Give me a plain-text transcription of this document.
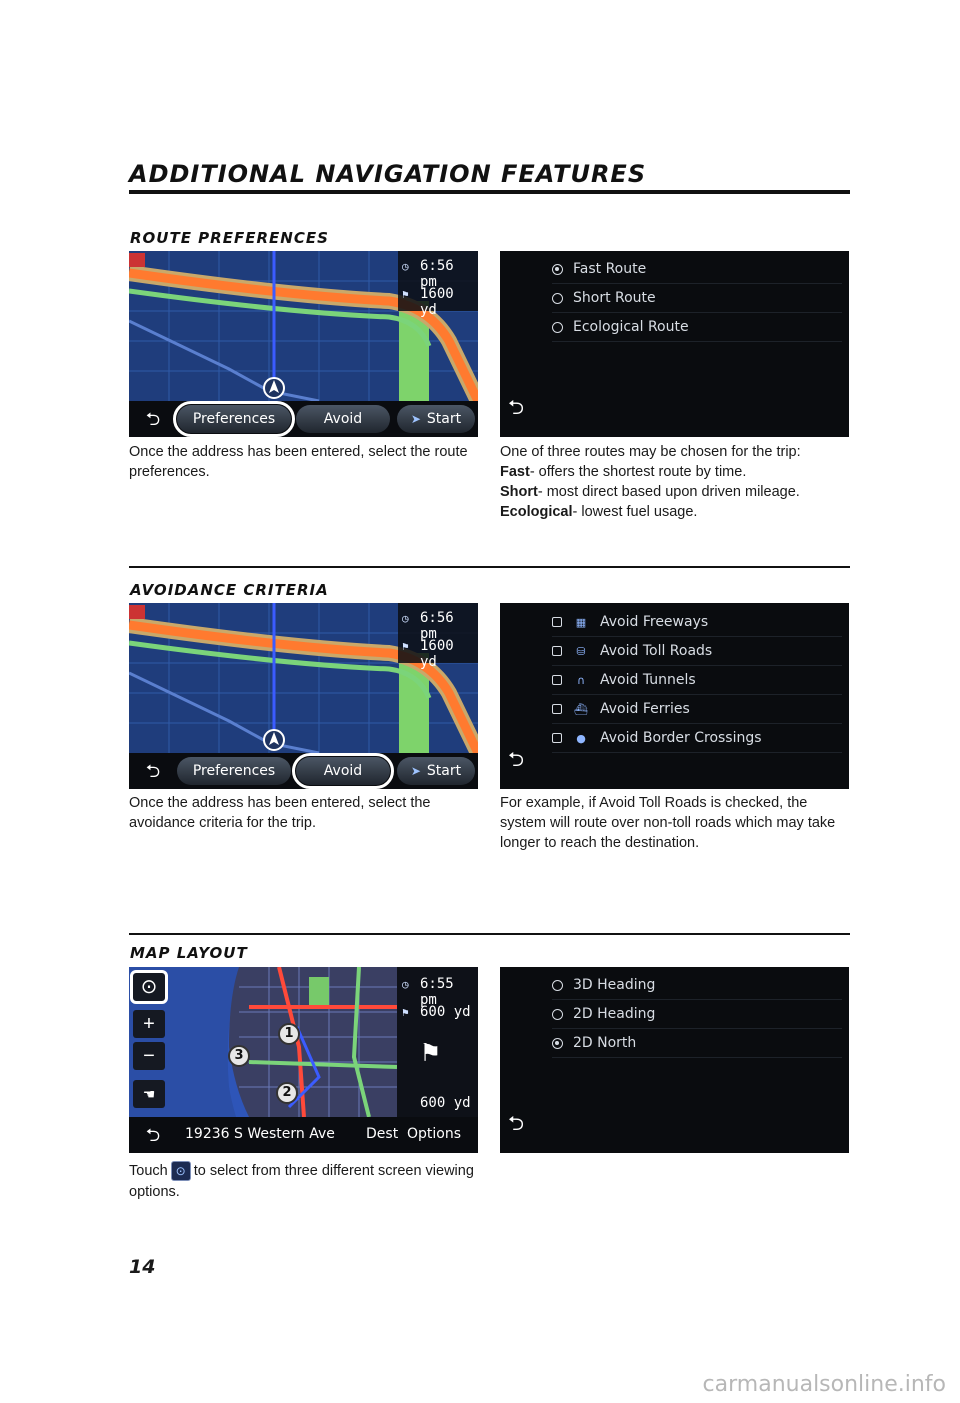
ADDITIONAL NAVIGATION FEATURES
ROUTE PREFERENCES
◷ 6:56 pm
⚑ 1600 yd
⮌	Preferences	Avoid	➤ Start
Fast Route
Short Route
Ecological Route
⮌
Once the address has been entered, select the route preferences.
One of three routes may be chosen for the trip:
Fast- offers the shortest route by time.
Short- most direct based upon driven mileage.
Ecological- lowest fuel usage.
AVOIDANCE CRITERIA
◷ 6:56 pm
⚑ 1600 yd
⮌	Preferences	Avoid	➤ Start
▦ Avoid Freeways
⛁ Avoid Toll Roads
∩ Avoid Tunnels
⛴ Avoid Ferries
● Avoid Border Crossings
⮌
Once the address has been entered, select the avoidance criteria for the trip.
For example, if Avoid Toll Roads is checked, the system will route over non-toll roads which may take longer to reach the destination.
MAP LAYOUT
⊙
+
−
☚
1
2
3
◷ 6:55 pm
⚑ 600 yd
⚑
600 yd
⮌	19236 S Western Ave Dest Options
3D Heading
2D Heading
2D North
⮌
Touch ⊙ to select from three different screen viewing options.
14
carmanualsonline.info
